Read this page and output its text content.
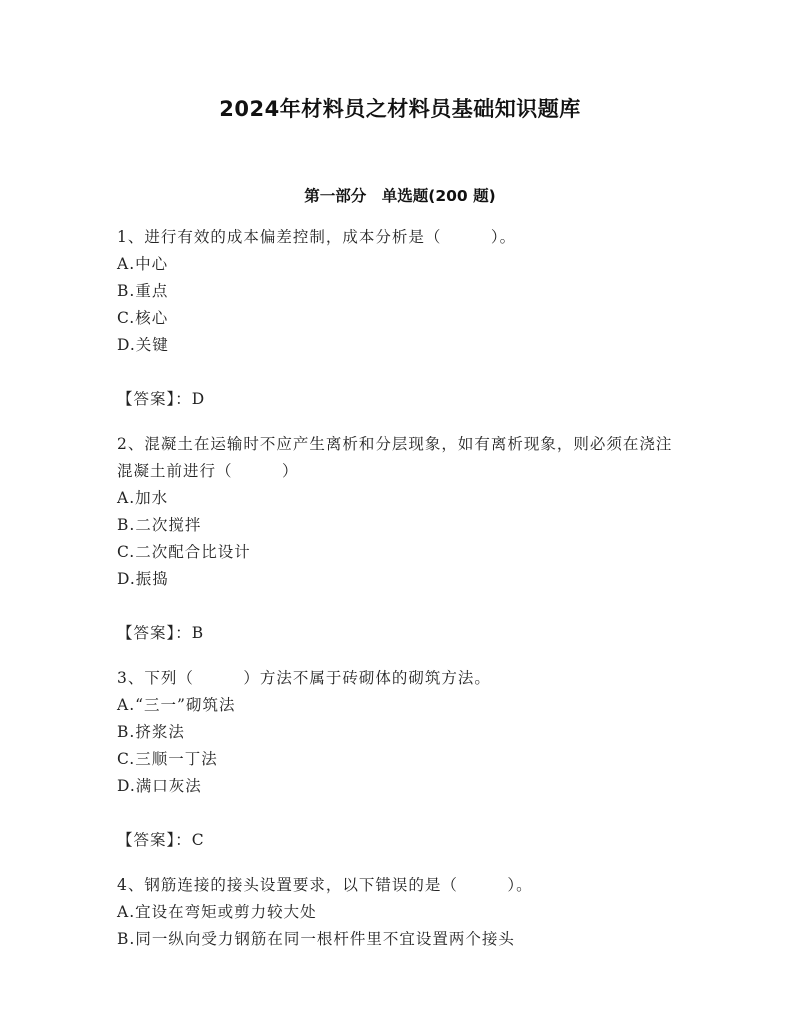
2024年材料员之材料员基础知识题库
第一部分　单选题(200 题)
1、进行有效的成本偏差控制，成本分析是（　　　）。
A.中心
B.重点
C.核心
D.关键
【答案】：D
2、混凝土在运输时不应产生离析和分层现象，如有离析现象，则必须在浇注混凝土前进行（　　　）
A.加水
B.二次搅拌
C.二次配合比设计
D.振捣
【答案】：B
3、下列（　　　）方法不属于砖砌体的砌筑方法。
A.“三一”砌筑法
B.挤浆法
C.三顺一丁法
D.满口灰法
【答案】：C
4、钢筋连接的接头设置要求，以下错误的是（　　　）。
A.宜设在弯矩或剪力较大处
B.同一纵向受力钢筋在同一根杆件里不宜设置两个接头
